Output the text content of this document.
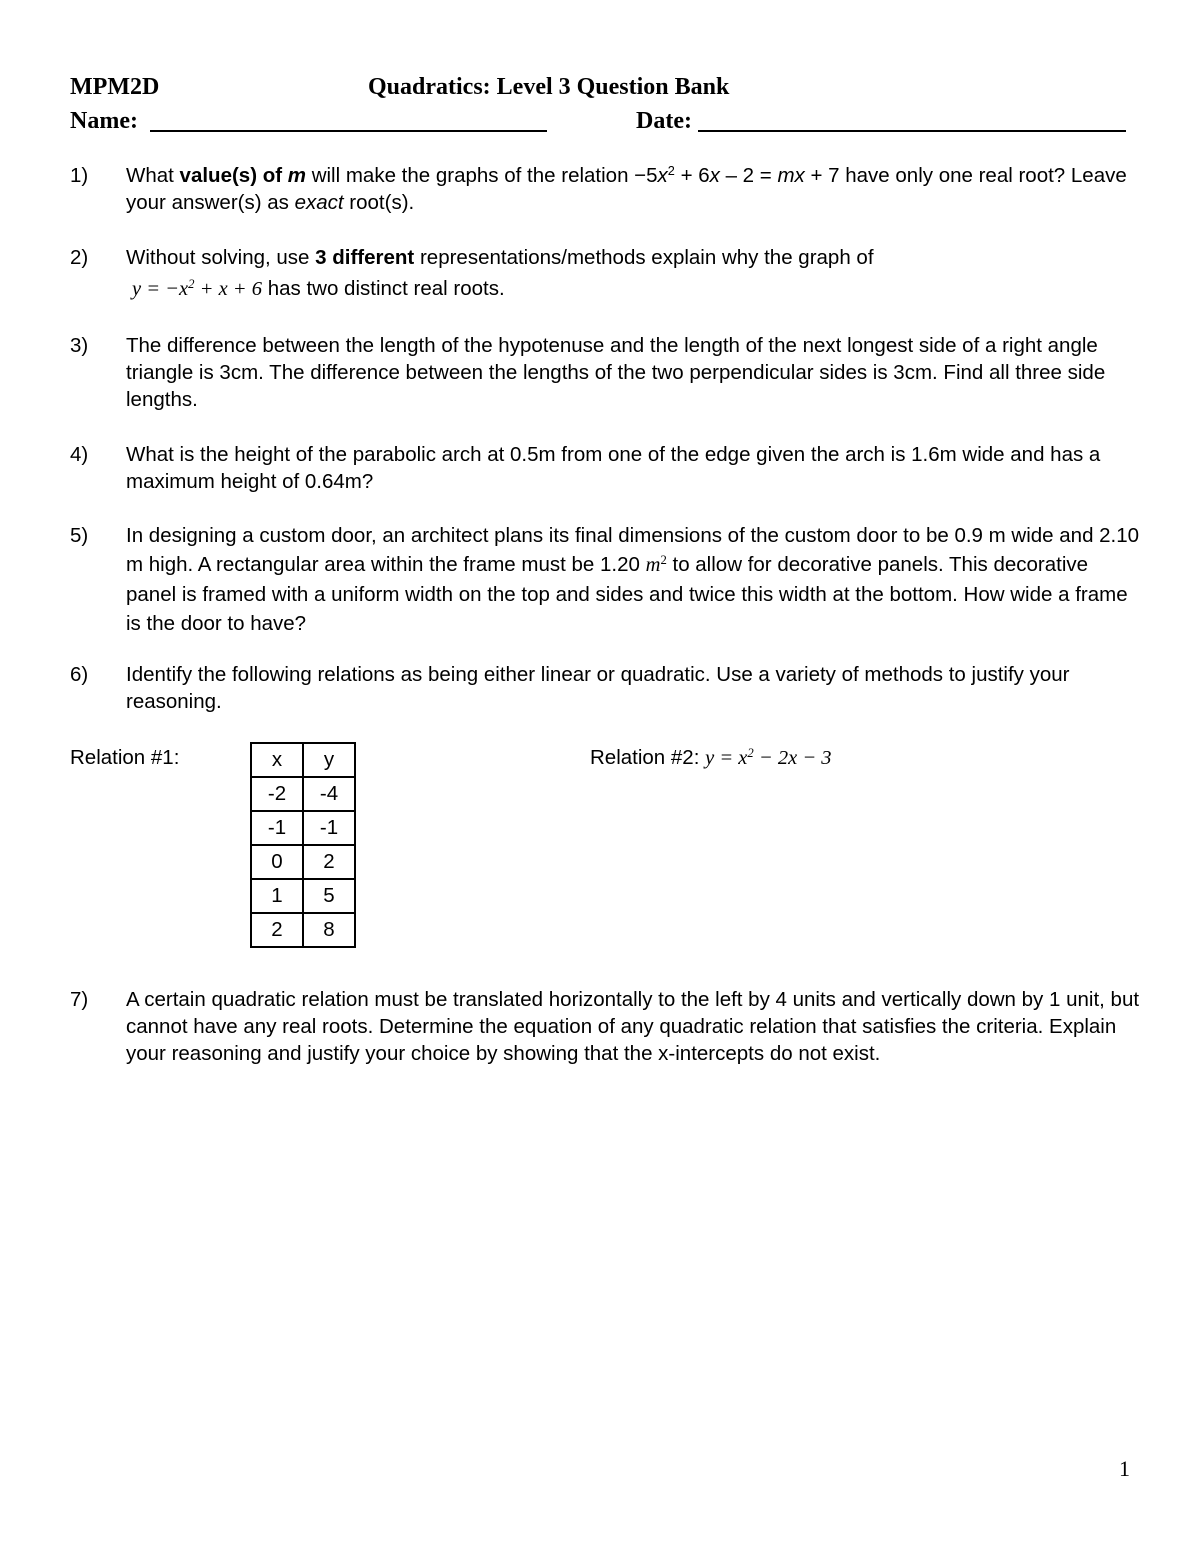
MPM2D	Quadratics: Level 3 Question Bank
Name:	Date:
1)	What value(s) of m will make the graphs of the relation $-5x^2 + 6x - 2$ = mx + 7 have only one real root? Leave your answer(s) as exact root(s).
2)	Without solving, use 3 different representations/methods explain why the graph of
$y = -x^2 + x + 6$ has two distinct real roots.
3)	The difference between the length of the hypotenuse and the length of the next longest side of a right angle triangle is 3cm. The difference between the lengths of the two perpendicular sides is 3cm. Find all three side lengths.
4)	What is the height of the parabolic arch at 0.5m from one of the edge given the arch is 1.6m wide and has a maximum height of 0.64m?
5)	In designing a custom door, an architect plans its final dimensions of the custom door to be 0.9 m wide and 2.10 m high. A rectangular area within the frame must be 1.20 $m^2$ to allow for decorative panels. This decorative panel is framed with a uniform width on the top and sides and twice this width at the bottom. How wide a frame is the door to have?
6)	Identify the following relations as being either linear or quadratic. Use a variety of methods to justify your reasoning.
Relation #1:	x	y
-2	-4
-1	-1
0	2
1	5
2	8
Relation #2: $y = x^2 - 2x - 3$
7)	A certain quadratic relation must be translated horizontally to the left by 4 units and vertically down by 1 unit, but cannot have any real roots. Determine the equation of any quadratic relation that satisfies the criteria. Explain your reasoning and justify your choice by showing that the x-intercepts do not exist.
1
